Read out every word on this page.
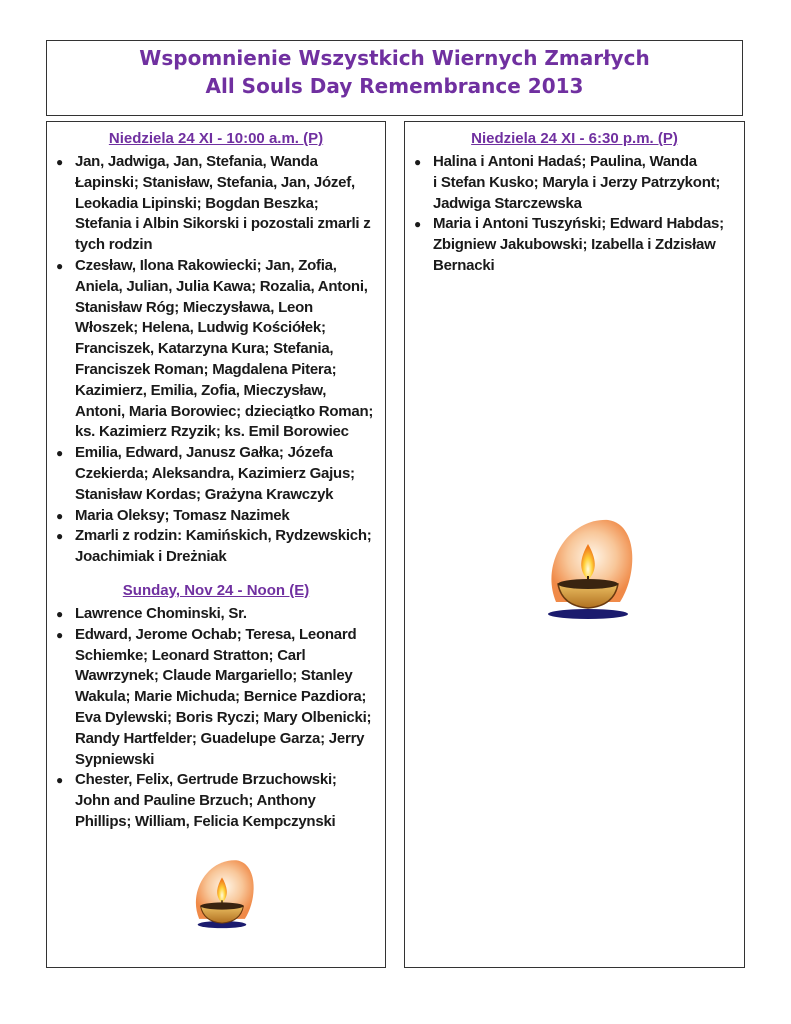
Wspomnienie Wszystkich Wiernych Zmarłych
All Souls Day Remembrance 2013
Niedziela 24 XI - 10:00 a.m. (P)
● Jan, Jadwiga, Jan, Stefania, Wanda
Łapinski; Stanisław, Stefania, Jan, Józef,
Leokadia Lipinski; Bogdan Beszka;
Stefania i Albin Sikorski i pozostali zmarli z
tych rodzin
● Czesław, Ilona Rakowiecki; Jan, Zofia,
Aniela, Julian, Julia Kawa; Rozalia, Antoni,
Stanisław Róg; Mieczysława, Leon
Włoszek; Helena, Ludwig Kościółek;
Franciszek, Katarzyna Kura; Stefania,
Franciszek Roman; Magdalena Pitera;
Kazimierz, Emilia, Zofia, Mieczysław,
Antoni, Maria Borowiec; dzieciątko Roman;
ks. Kazimierz Rzyzik; ks. Emil Borowiec
● Emilia, Edward, Janusz Gałka; Józefa
Czekierda; Aleksandra, Kazimierz Gajus;
Stanisław Kordas; Grażyna Krawczyk
● Maria Oleksy; Tomasz Nazimek
● Zmarli z rodzin: Kamińskich, Rydzewskich;
Joachimiak i Dreżniak
Sunday, Nov 24 - Noon (E)
● Lawrence Chominski, Sr.
● Edward, Jerome Ochab; Teresa, Leonard
Schiemke; Leonard Stratton; Carl
Wawrzynek; Claude Margariello; Stanley
Wakula; Marie Michuda; Bernice Pazdiora;
Eva Dylewski; Boris Ryczi; Mary Olbenicki;
Randy Hartfelder; Guadelupe Garza; Jerry
Sypniewski
● Chester, Felix, Gertrude Brzuchowski;
John and Pauline Brzuch; Anthony
Phillips; William, Felicia Kempczynski
Niedziela 24 XI - 6:30 p.m. (P)
● Halina i Antoni Hadaś; Paulina, Wanda
i Stefan Kusko; Maryla i Jerzy Patrzykont;
Jadwiga Starczewska
● Maria i Antoni Tuszyński; Edward Habdas;
Zbigniew Jakubowski; Izabella i Zdzisław
Bernacki
